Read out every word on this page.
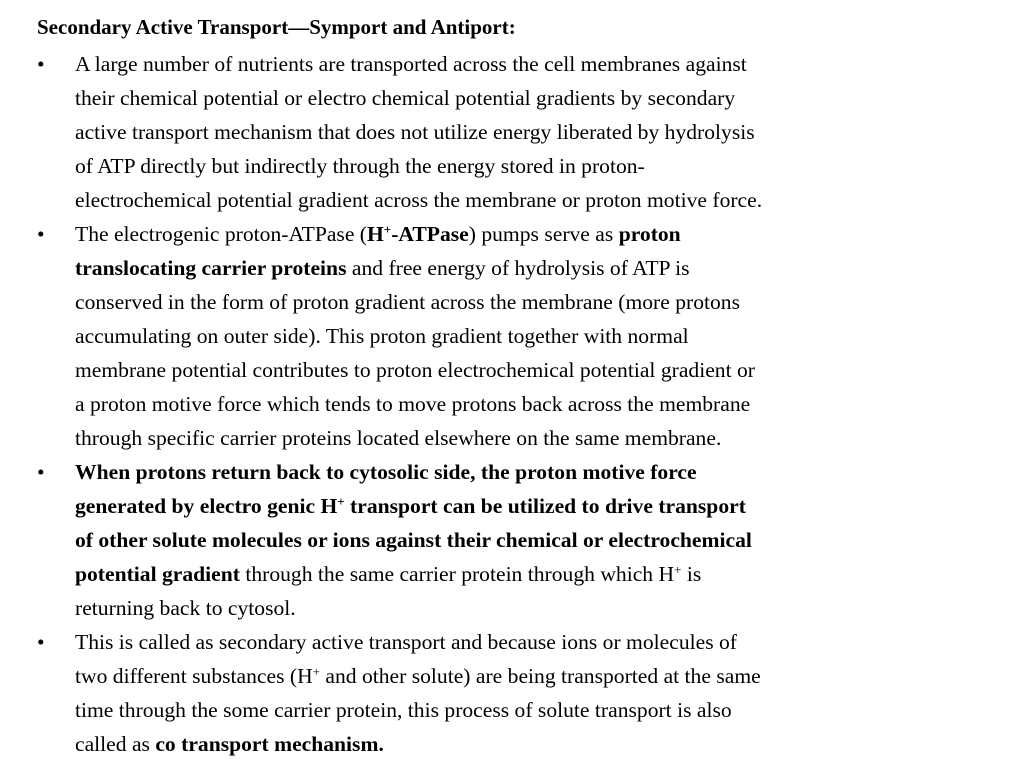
Secondary Active Transport—Symport and Antiport:
•	A large number of nutrients are transported across the cell membranes against
their chemical potential or electro chemical potential gradients by secondary
active transport mechanism that does not utilize energy liberated by hydrolysis
of ATP directly but indirectly through the energy stored in proton-
electrochemical potential gradient across the membrane or proton motive force.
•	The electrogenic proton-ATPase (H+-ATPase) pumps serve as proton
translocating carrier proteins and free energy of hydrolysis of ATP is
conserved in the form of proton gradient across the membrane (more protons
accumulating on outer side). This proton gradient together with normal
membrane potential contributes to proton electrochemical potential gradient or
a proton motive force which tends to move protons back across the membrane
through specific carrier proteins located elsewhere on the same membrane.
•	When protons return back to cytosolic side, the proton motive force
generated by electro genic H+ transport can be utilized to drive transport
of other solute molecules or ions against their chemical or electrochemical
potential gradient through the same carrier protein through which H+ is
returning back to cytosol.
•	This is called as secondary active transport and because ions or molecules of
two different substances (H+ and other solute) are being transported at the same
time through the some carrier protein, this process of solute transport is also
called as co transport mechanism.
